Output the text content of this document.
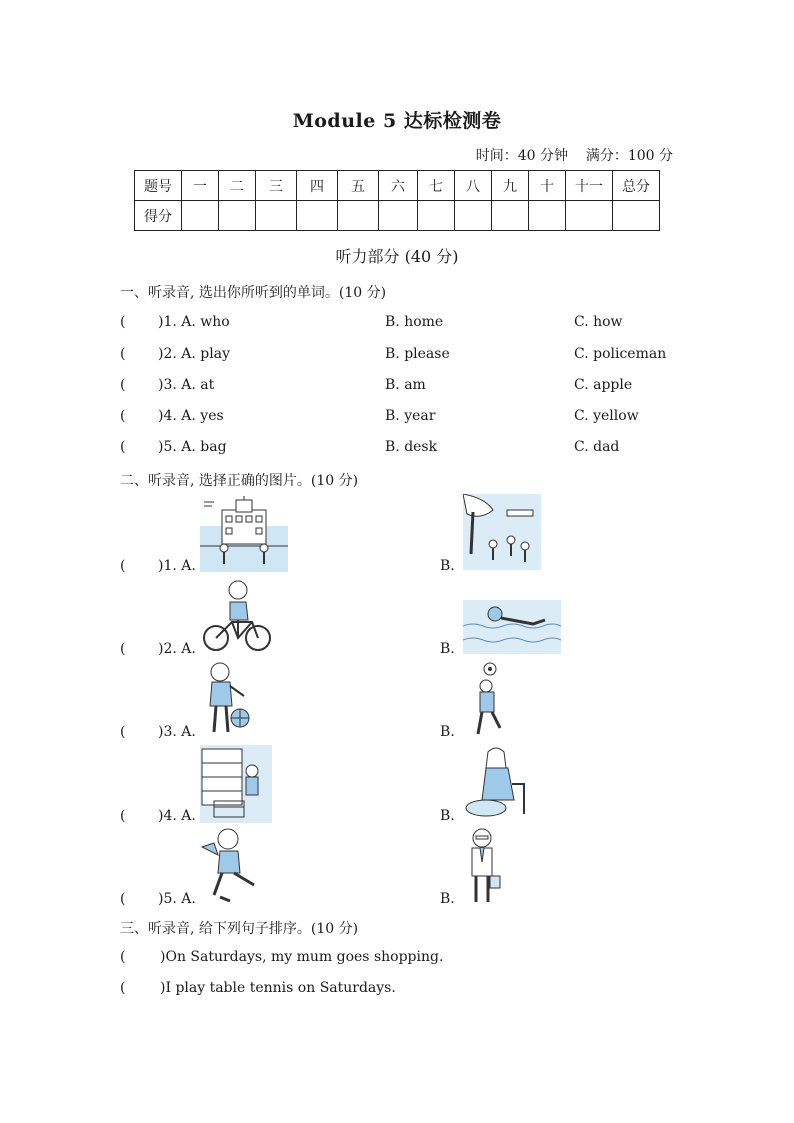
Module 5 达标检测卷
时间：40 分钟 满分：100 分
题号	一	二	三	四	五	六	七	八	九	十	十一	总分
得分												
听力部分 (40 分)
一、听录音, 选出你所听到的单词。(10 分)
( )1. A. who	B. home	C. how
( )2. A. play	B. please	C. policeman
( )3. A. at	B. am	C. apple
( )4. A. yes	B. year	C. yellow
( )5. A. bag	B. desk	C. dad
二、听录音, 选择正确的图片。(10 分)
( )1. A.	B.
( )2. A.	B.
( )3. A.	B.
( )4. A.	B.
( )5. A.	B.
三、听录音, 给下列句子排序。(10 分)
( )On Saturdays, my mum goes shopping.
( )I play table tennis on Saturdays.
